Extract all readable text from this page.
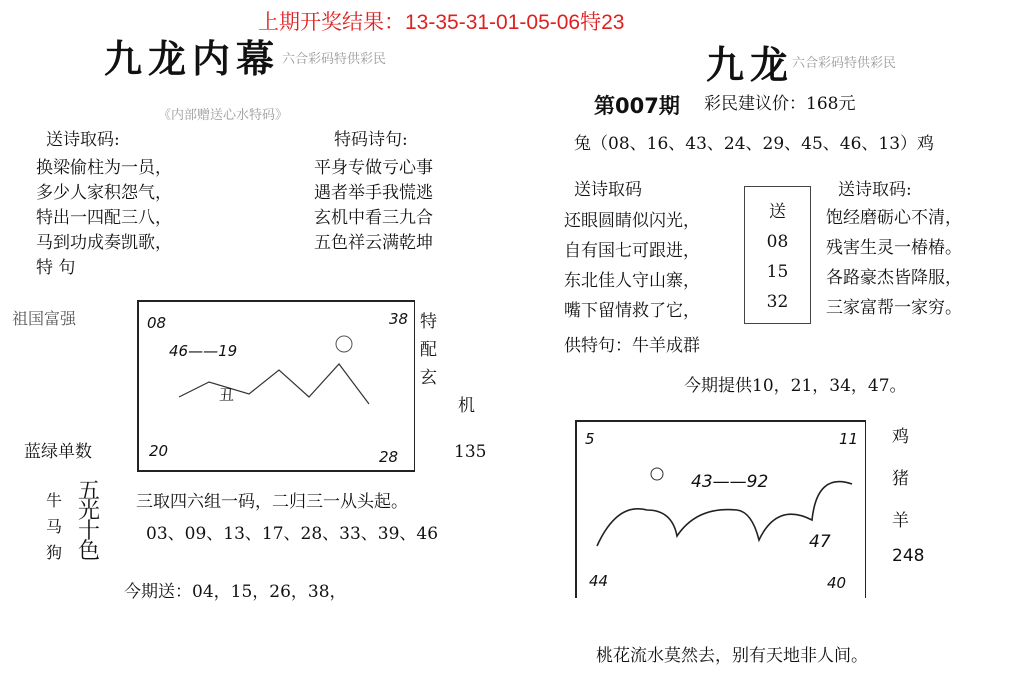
上期开奖结果：13-35-31-01-05-06特23
九龙内幕 六合彩码特供彩民
《内部赠送心水特码》
送诗取码:
换梁偷柱为一员，
多少人家积怨气，
特出一四配三八，
马到功成奏凯歌，
特 句
特码诗句:
平身专做亏心事
遇者举手我慌逃
玄机中看三九合
五色祥云满乾坤
祖国富强
蓝绿单数
08	38
46——19
丑
20	28
特
配
玄
机
135
牛
马
狗
五
光
十
色
三取四六组一码，二归三一从头起。
03、09、13、17、28、33、39、46
今期送：04，15，26，38，
九龙
六合彩码特供彩民
第007期 彩民建议价：168元
兔（08、16、43、24、29、45、46、13）鸡
送诗取码
还眼圆睛似闪光，
自有国七可跟进，
东北佳人守山寨，
嘴下留情救了它，
送
08
15
32
送诗取码:
饱经磨砺心不清，
残害生灵一椿椿。
各路豪杰皆降服，
三家富帮一家穷。
供特句：牛羊成群
今期提供10，21，34，47。
5	11
43——92
47
44	40
鸡
猪
羊
248
桃花流水莫然去，别有天地非人间。
